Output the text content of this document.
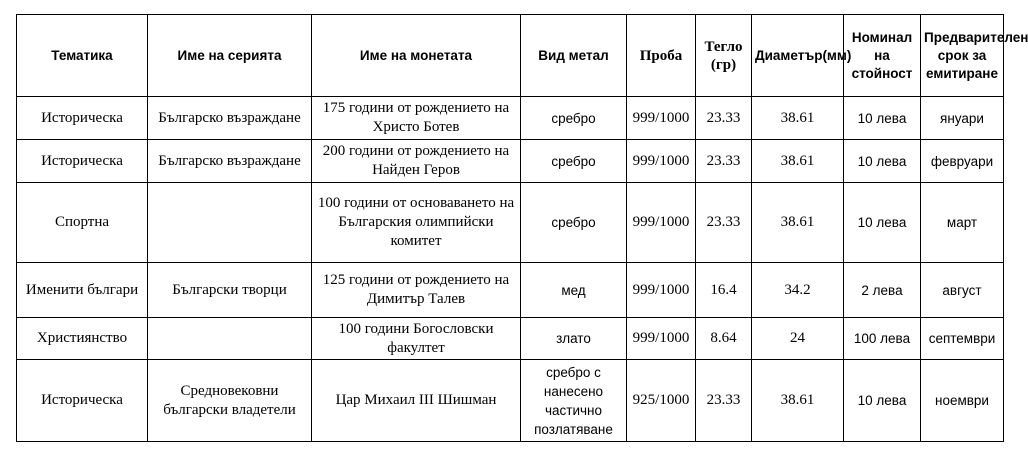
Тематика	Име на серията	Име на монетата	Вид метал	Проба	Тегло (гр)	Диаметър(мм)	Номинал на стойност	Предварителен срок за емитиране
Историческа	Българско възраждане	175 години от рождението на Христо Ботев	сребро	999/1000	23.33	38.61	10 лева	януари
Историческа	Българско възраждане	200 години от рождението на Найден Геров	сребро	999/1000	23.33	38.61	10 лева	февруари
Спортна		100 години от основаването на Българския олимпийски комитет	сребро	999/1000	23.33	38.61	10 лева	март
Именити българи	Български творци	125 години от рождението на Димитър Талев	мед	999/1000	16.4	34.2	2 лева	август
Християнство		100 години Богословски факултет	злато	999/1000	8.64	24	100 лева	септември
Историческа	Средновековни български владетели	Цар Михаил III Шишман	сребро с нанесено частично позлатяване	925/1000	23.33	38.61	10 лева	ноември
